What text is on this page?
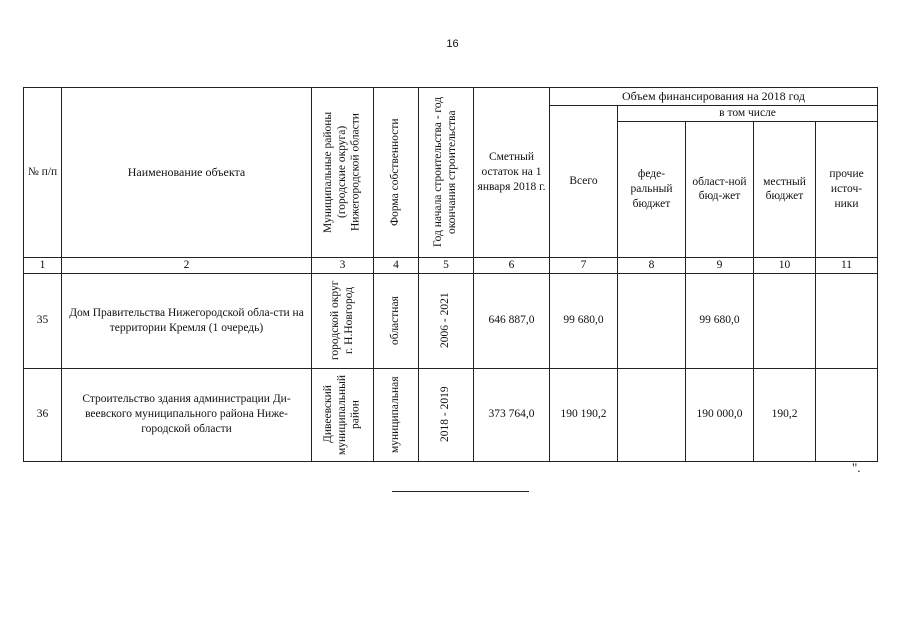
16
№ п/п	Наименование объекта	Муниципальные районы (городские округа) Нижегородской области	Форма собственности	Год начала строительства - год окончания строительства	Сметный остаток на 1 января 2018 г.	Объем финансирования на 2018 год				
						Всего	в том числе			
							феде-ральный бюджет	област-ной бюд-жет	местный бюджет	прочие источ-ники
1	2	3	4	5	6	7	8	9	10	11
35	Дом Правительства Нижегородской обла-сти на территории Кремля (1 очередь)	городской округ г. Н.Новгород	областная	2006 - 2021	646 887,0	99 680,0		99 680,0		
36	Строительство здания администрации Ди-веевского муниципального района Ниже-городской области	Дивеевский муниципальный район	муниципальная	2018 - 2019	373 764,0	190 190,2		190 000,0	190,2	
".
